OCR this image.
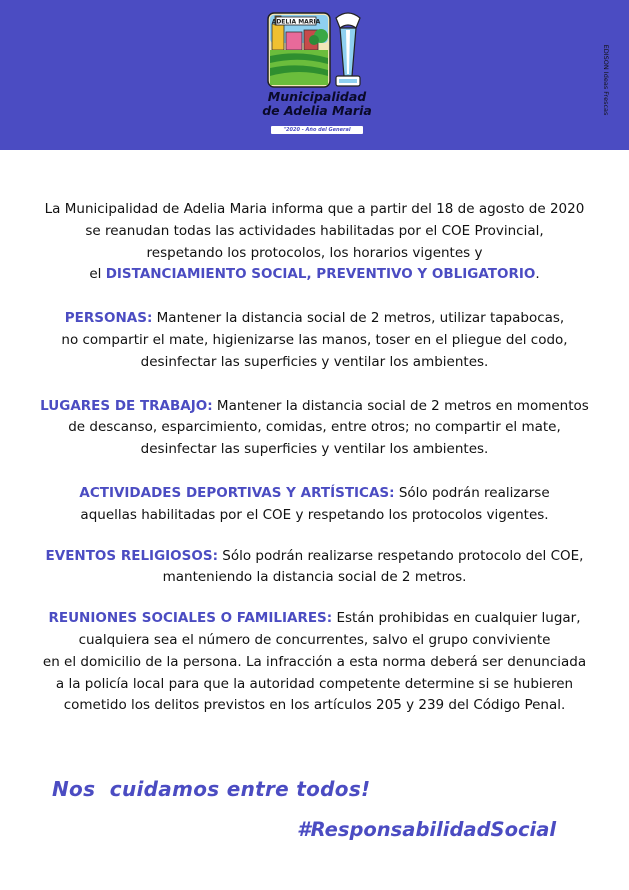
ADELIA MARIA
Municipalidad
de Adelia Maria
"2020 - Año del General Belgrano"
EDISON Ideas Frescas

La Municipalidad de Adelia Maria informa que a partir del 18 de agosto de 2020

se reanudan todas las actividades habilitadas por el COE Provincial,

respetando los protocolos, los horarios vigentes y

el DISTANCIAMIENTO SOCIAL, PREVENTIVO Y OBLIGATORIO.

PERSONAS: Mantener la distancia social de 2 metros, utilizar tapabocas,

no compartir el mate, higienizarse las manos, toser en el pliegue del codo,

desinfectar las superficies y ventilar los ambientes.

LUGARES DE TRABAJO: Mantener la distancia social de 2 metros en momentos

de descanso, esparcimiento, comidas, entre otros; no compartir el mate,

desinfectar las superficies y ventilar los ambientes.

ACTIVIDADES DEPORTIVAS Y ARTÍSTICAS: Sólo podrán realizarse

aquellas habilitadas por el COE y respetando los protocolos vigentes.

EVENTOS RELIGIOSOS: Sólo podrán realizarse respetando protocolo del COE,

manteniendo la distancia social de 2 metros.

REUNIONES SOCIALES O FAMILIARES: Están prohibidas en cualquier lugar,

cualquiera sea el número de concurrentes, salvo el grupo conviviente

en el domicilio de la persona. La infracción a esta norma deberá ser denunciada

a la policía local para que la autoridad competente determine si se hubieren

cometido los delitos previstos en los artículos 205 y 239 del Código Penal.

Nos  cuidamos entre todos!
#ResponsabilidadSocial
